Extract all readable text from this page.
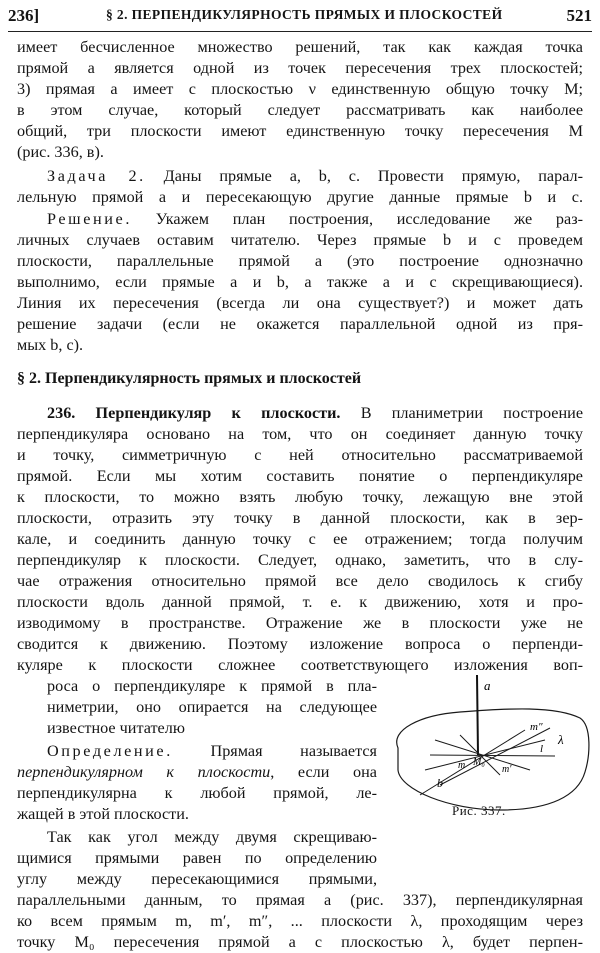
236]	§ 2. ПЕРПЕНДИКУЛЯРНОСТЬ ПРЯМЫХ И ПЛОСКОСТЕЙ	521
имеет бесчисленное множество решений, так как каждая точка
прямой a является одной из точек пересечения трех плоскостей;
3) прямая a имеет с плоскостью ν единственную общую точку M;
в этом случае, который следует рассматривать как наиболее
общий, три плоскости имеют единственную точку пересечения M
(рис. 336, в).
Задача 2. Даны прямые a, b, c. Провести прямую, парал-
лельную прямой a и пересекающую другие данные прямые b и c.
Решение. Укажем план построения, исследование же раз-
личных случаев оставим читателю. Через прямые b и c проведем
плоскости, параллельные прямой a (это построение однозначно
выполнимо, если прямые a и b, а также a и c скрещивающиеся).
Линия их пересечения (всегда ли она существует?) и может дать
решение задачи (если не окажется параллельной одной из пря-
мых b, c).
§ 2. Перпендикулярность прямых и плоскостей
236. Перпендикуляр к плоскости. В планиметрии построение
перпендикуляра основано на том, что он соединяет данную точку
и точку, симметричную с ней относительно рассматриваемой
прямой. Если мы хотим составить понятие о перпендикуляре
к плоскости, то можно взять любую точку, лежащую вне этой
плоскости, отразить эту точку в данной плоскости, как в зер-
кале, и соединить данную точку с ее отражением; тогда получим
перпендикуляр к плоскости. Следует, однако, заметить, что в слу-
чае отражения относительно прямой все дело сводилось к сгибу
плоскости вдоль данной прямой, т. е. к движению, хотя и про-
изводимому в пространстве. Отражение же в плоскости уже не
сводится к движению. Поэтому изложение вопроса о перпенди-
куляре к плоскости сложнее соответствующего изложения воп-
роса о перпендикуляре к прямой в пла-
ниметрии, оно опирается на следующее
известное читателю
Определение. Прямая называется
перпендикулярном к плоскости, если она
перпендикулярна к любой прямой, ле-
жащей в этой плоскости.
Так как угол между двумя скрещиваю-
щимися прямыми равен по определению
углу между пересекающимися прямыми,
параллельными данным, то прямая a (рис. 337), перпендикулярная
ко всем прямым m, m′, m″, ... плоскости λ, проходящим через
точку M₀ пересечения прямой a с плоскостью λ, будет перпен-
a
λ
m″
l
M₀
m	m′
b
Рис. 337.
